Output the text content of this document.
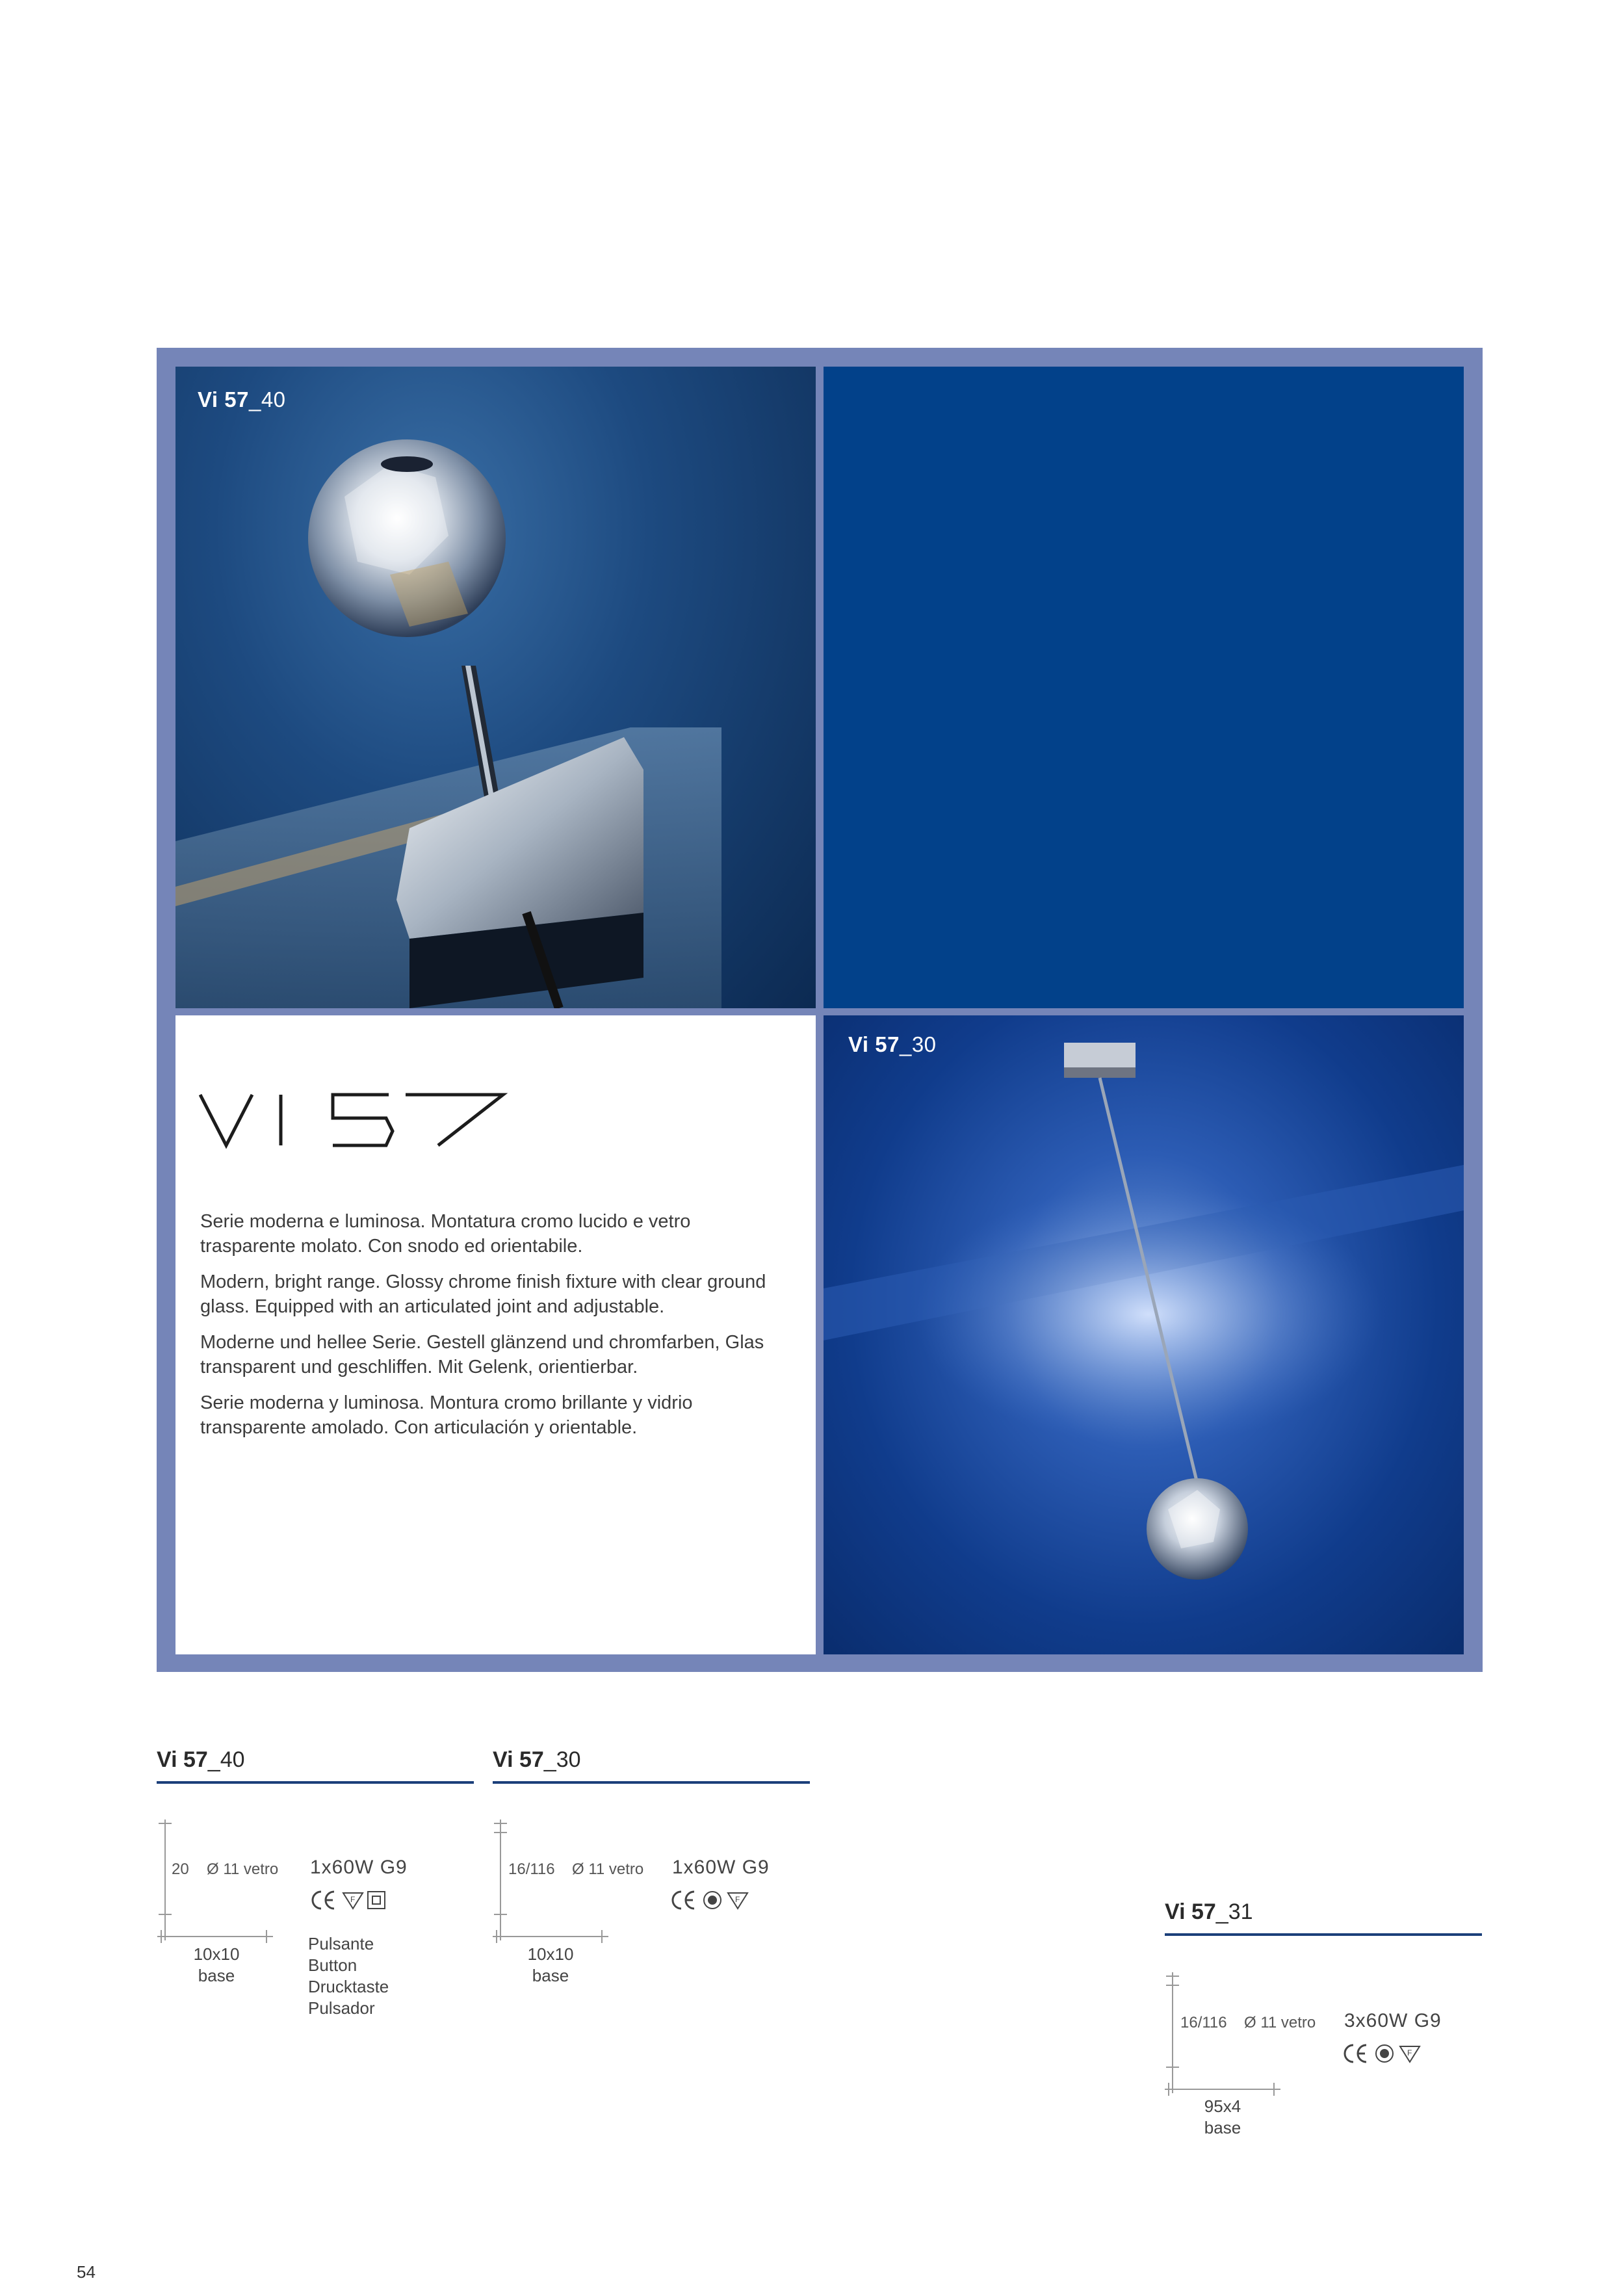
Vi 57_40

Serie moderna e luminosa. Montatura cromo lucido e vetro trasparente molato. Con snodo ed orientabile.

Modern, bright range. Glossy chrome finish fixture with clear ground glass. Equipped with an articulated joint and adjustable.

Moderne und hellee Serie. Gestell glänzend und chromfarben, Glas transparent und geschliffen. Mit Gelenk, orientierbar.

Serie moderna y luminosa. Montura cromo brillante y vidrio transparente amolado. Con articulación y orientable.

Vi 57_30
Vi 57_40
20 Ø 11 vetro 1x60W G9
F
10x10
base
Pulsante
Button
Drucktaste
Pulsador
Vi 57_30
16/116 Ø 11 vetro 1x60W G9
F
10x10
base
Vi 57_31
16/116 Ø 11 vetro 3x60W G9
F
95x4
base
54
